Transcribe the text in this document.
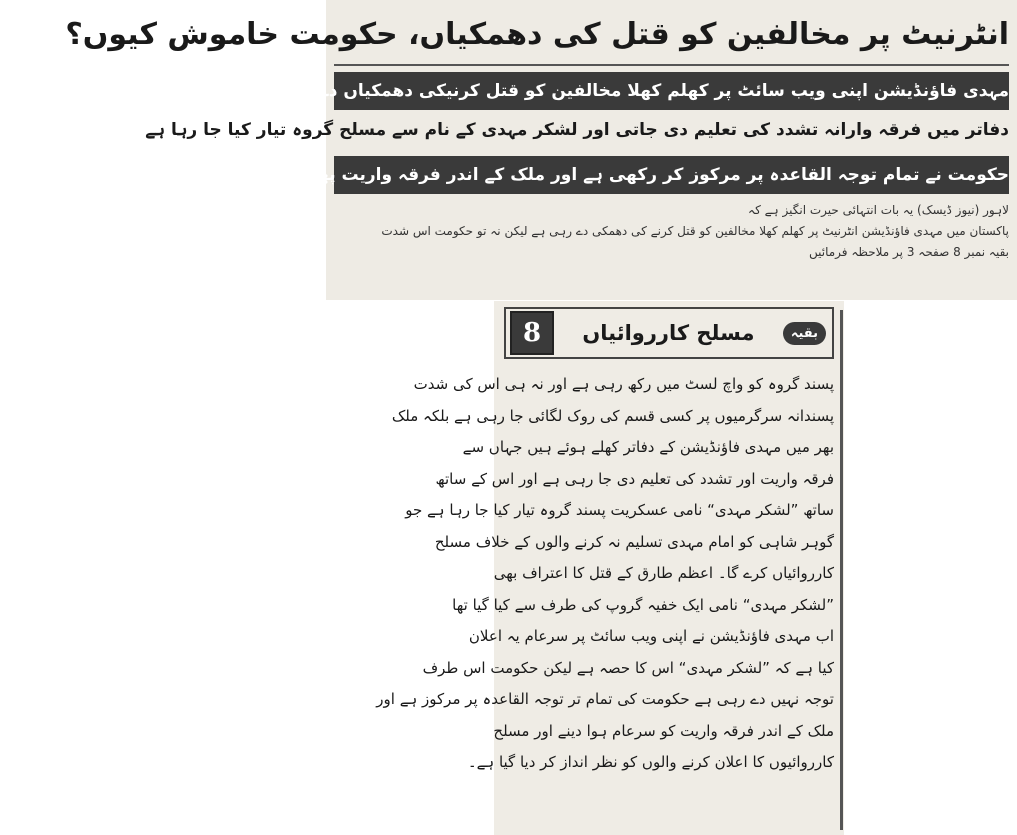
انٹرنیٹ پر مخالفین کو قتل کی دھمکیاں، حکومت خاموش کیوں؟
مہدی فاؤنڈیشن اپنی ویب سائٹ پر کھلم کھلا مخالفین کو قتل کرنیکی دھمکیاں دے رہی ہے، ملک بھر میں دفاتر قائم ہیں
دفاتر میں فرقہ وارانہ تشدد کی تعلیم دی جاتی اور لشکر مہدی کے نام سے مسلح گروہ تیار کیا جا رہا ہے
حکومت نے تمام توجہ القاعدہ پر مرکوز کر رکھی ہے اور ملک کے اندر فرقہ واریت پھیلانے والوں کو نظر انداز کر رکھا ہے
لاہور (نیوز ڈیسک) یہ بات انتہائی حیرت انگیز ہے کہ
پاکستان میں مہدی فاؤنڈیشن انٹرنیٹ پر کھلم کھلا مخالفین کو قتل کرنے کی دھمکی دے رہی ہے لیکن نہ تو حکومت اس شدت
بقیہ نمبر 8 صفحہ 3 پر ملاحظہ فرمائیں
بقیہ
مسلح کارروائیاں
8
پسند گروہ کو واچ لسٹ میں رکھ رہی ہے اور نہ ہی اس کی شدت
پسندانہ سرگرمیوں پر کسی قسم کی روک لگائی جا رہی ہے بلکہ ملک
بھر میں مہدی فاؤنڈیشن کے دفاتر کھلے ہوئے ہیں جہاں سے
فرقہ واریت اور تشدد کی تعلیم دی جا رہی ہے اور اس کے ساتھ
ساتھ ”لشکر مہدی“ نامی عسکریت پسند گروہ تیار کیا جا رہا ہے جو
گوہر شاہی کو امام مہدی تسلیم نہ کرنے والوں کے خلاف مسلح
کارروائیاں کرے گا۔ اعظم طارق کے قتل کا اعتراف بھی
”لشکر مہدی“ نامی ایک خفیہ گروپ کی طرف سے کیا گیا تھا
اب مہدی فاؤنڈیشن نے اپنی ویب سائٹ پر سرعام یہ اعلان
کیا ہے کہ ”لشکر مہدی“ اس کا حصہ ہے لیکن حکومت اس طرف
توجہ نہیں دے رہی ہے حکومت کی تمام تر توجہ القاعدہ پر مرکوز ہے اور
ملک کے اندر فرقہ واریت کو سرعام ہوا دینے اور مسلح
کارروائیوں کا اعلان کرنے والوں کو نظر انداز کر دیا گیا ہے۔
